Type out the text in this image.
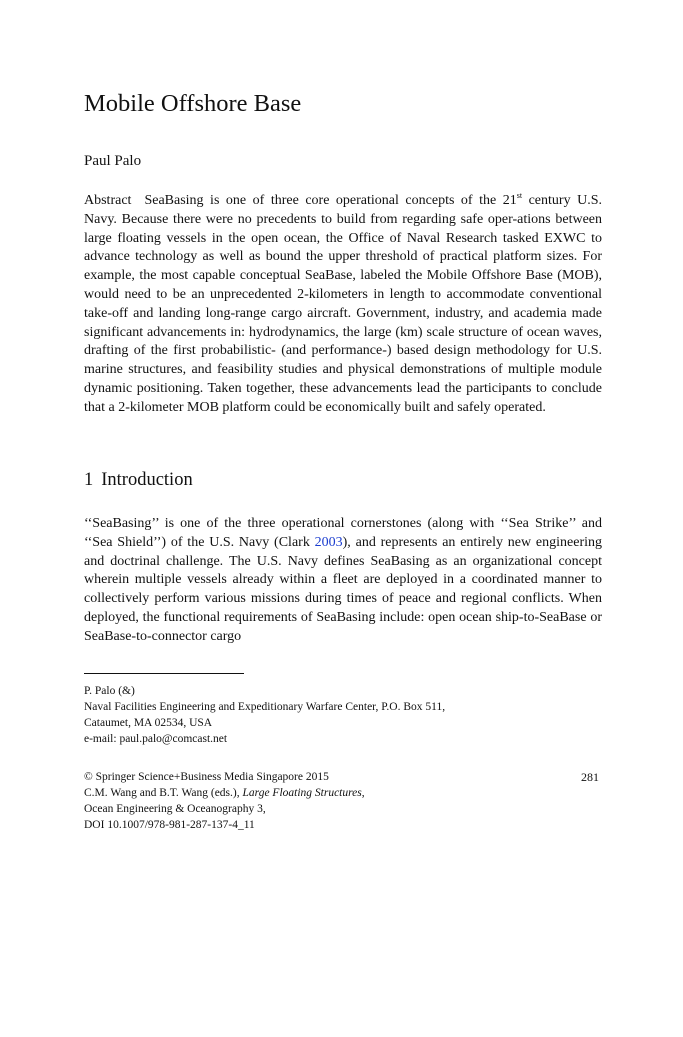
Mobile Offshore Base
Paul Palo

Abstract SeaBasing is one of three core operational concepts of the 21st century U.S. Navy. Because there were no precedents to build from regarding safe oper-ations between large floating vessels in the open ocean, the Office of Naval Research tasked EXWC to advance technology as well as bound the upper threshold of practical platform sizes. For example, the most capable conceptual SeaBase, labeled the Mobile Offshore Base (MOB), would need to be an unprecedented 2-kilometers in length to accommodate conventional take-off and landing long-range cargo aircraft. Government, industry, and academia made significant advancements in: hydrodynamics, the large (km) scale structure of ocean waves, drafting of the first probabilistic- (and performance-) based design methodology for U.S. marine structures, and feasibility studies and physical demonstrations of multiple module dynamic positioning. Taken together, these advancements lead the participants to conclude that a 2-kilometer MOB platform could be economically built and safely operated.

1 Introduction

‘‘SeaBasing’’ is one of the three operational cornerstones (along with ‘‘Sea Strike’’ and ‘‘Sea Shield’’) of the U.S. Navy (Clark 2003), and represents an entirely new engineering and doctrinal challenge. The U.S. Navy defines SeaBasing as an organizational concept wherein multiple vessels already within a fleet are deployed in a coordinated manner to collectively perform various missions during times of peace and regional conflicts. When deployed, the functional requirements of SeaBasing include: open ocean ship-to-SeaBase or SeaBase-to-connector cargo

P. Palo (&)
Naval Facilities Engineering and Expeditionary Warfare Center, P.O. Box 511,
Cataumet, MA 02534, USA
e-mail: paul.palo@comcast.net
© Springer Science+Business Media Singapore 2015
C.M. Wang and B.T. Wang (eds.), Large Floating Structures,
Ocean Engineering & Oceanography 3,
DOI 10.1007/978-981-287-137-4_11
281
